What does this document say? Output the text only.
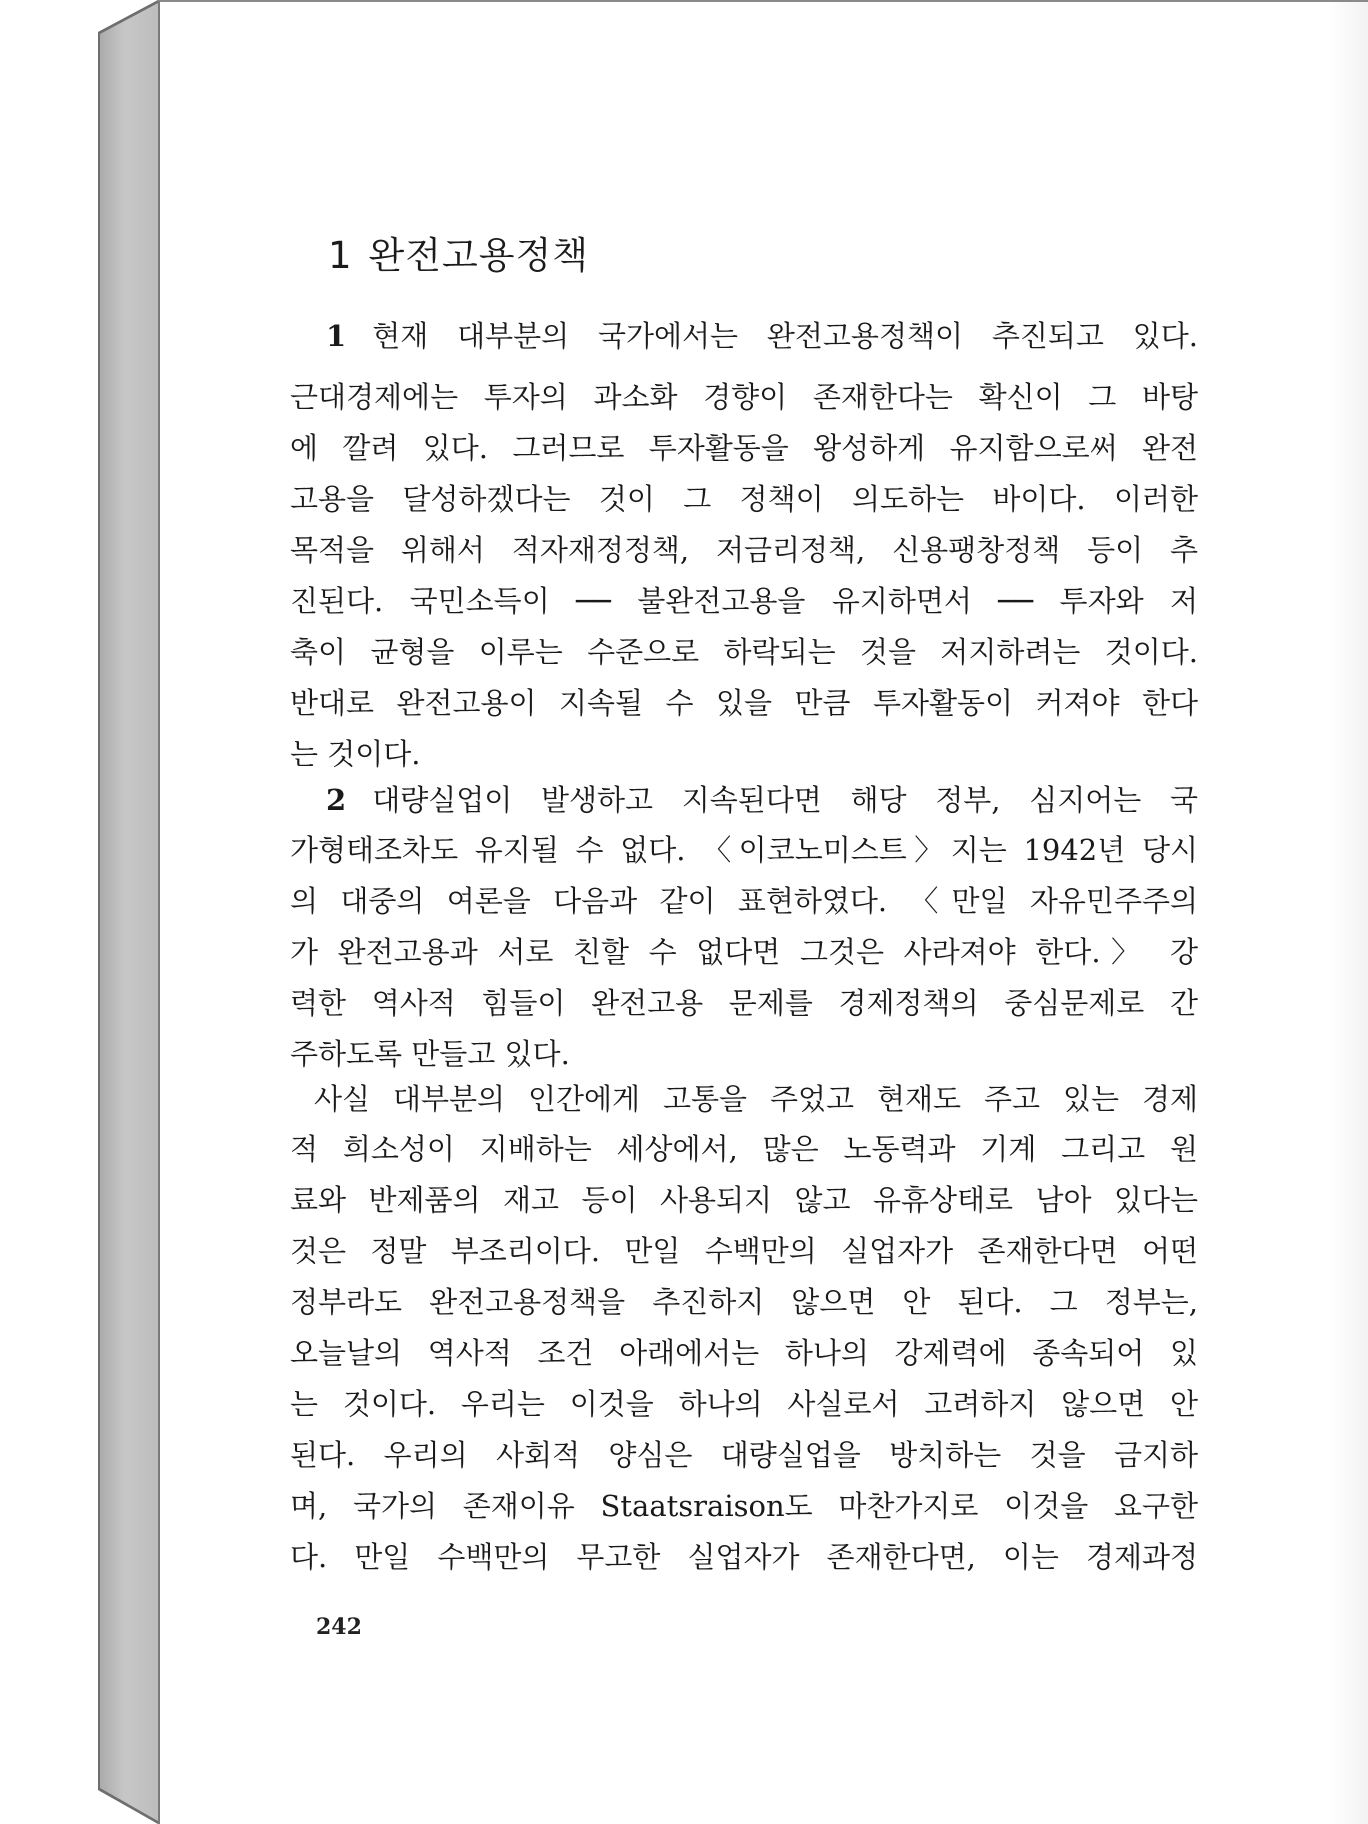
1 완전고용정책
1 현재 대부분의 국가에서는 완전고용정책이 추진되고 있다.
근대경제에는 투자의 과소화 경향이 존재한다는 확신이 그 바탕
에 깔려 있다. 그러므로 투자활동을 왕성하게 유지함으로써 완전
고용을 달성하겠다는 것이 그 정책이 의도하는 바이다. 이러한
목적을 위해서 적자재정정책, 저금리정책, 신용팽창정책 등이 추
진된다. 국민소득이 ── 불완전고용을 유지하면서 ── 투자와 저
축이 균형을 이루는 수준으로 하락되는 것을 저지하려는 것이다.
반대로 완전고용이 지속될 수 있을 만큼 투자활동이 커져야 한다
는 것이다.
2 대량실업이 발생하고 지속된다면 해당 정부, 심지어는 국
가형태조차도 유지될 수 없다. 〈이코노미스트〉지는 1942년 당시
의 대중의 여론을 다음과 같이 표현하였다. 〈만일 자유민주주의
가 완전고용과 서로 친할 수 없다면 그것은 사라져야 한다.〉 강
력한 역사적 힘들이 완전고용 문제를 경제정책의 중심문제로 간
주하도록 만들고 있다.
사실 대부분의 인간에게 고통을 주었고 현재도 주고 있는 경제
적 희소성이 지배하는 세상에서, 많은 노동력과 기계 그리고 원
료와 반제품의 재고 등이 사용되지 않고 유휴상태로 남아 있다는
것은 정말 부조리이다. 만일 수백만의 실업자가 존재한다면 어떤
정부라도 완전고용정책을 추진하지 않으면 안 된다. 그 정부는,
오늘날의 역사적 조건 아래에서는 하나의 강제력에 종속되어 있
는 것이다. 우리는 이것을 하나의 사실로서 고려하지 않으면 안
된다. 우리의 사회적 양심은 대량실업을 방치하는 것을 금지하
며, 국가의 존재이유 Staatsraison도 마찬가지로 이것을 요구한
다. 만일 수백만의 무고한 실업자가 존재한다면, 이는 경제과정
242
